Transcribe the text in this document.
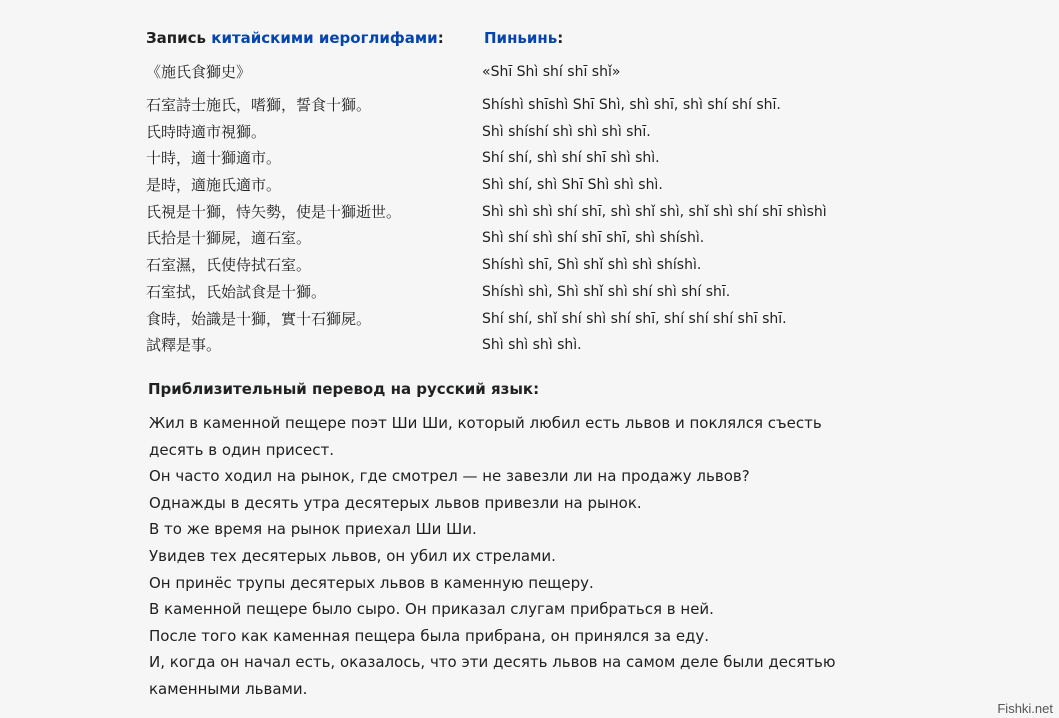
Запись китайскими иероглифами:	Пиньинь:
《施氏食獅史》
石室詩士施氏，嗜獅，誓食十獅。
氏時時適市視獅。
十時，適十獅適市。
是時，適施氏適市。
氏視是十獅，恃矢勢，使是十獅逝世。
氏拾是十獅屍，適石室。
石室濕，氏使侍拭石室。
石室拭，氏始試食是十獅。
食時，始識是十獅，實十石獅屍。
試釋是事。
«Shī Shì shí shī shǐ»
Shíshì shīshì Shī Shì, shì shī, shì shí shí shī.
Shì shíshí shì shì shì shī.
Shí shí, shì shí shī shì shì.
Shì shí, shì Shī Shì shì shì.
Shì shì shì shí shī, shì shǐ shì, shǐ shì shí shī shìshì
Shì shí shì shí shī shī, shì shíshì.
Shíshì shī, Shì shǐ shì shì shíshì.
Shíshì shì, Shì shǐ shì shí shì shí shī.
Shí shí, shǐ shí shì shí shī, shí shí shí shī shī.
Shì shì shì shì.
Приблизительный перевод на русский язык:

Жил в каменной пещере поэт Ши Ши, который любил есть львов и поклялся съесть десять в один присест.

Он часто ходил на рынок, где смотрел — не завезли ли на продажу львов?

Однажды в десять утра десятерых львов привезли на рынок.

В то же время на рынок приехал Ши Ши.

Увидев тех десятерых львов, он убил их стрелами.

Он принёс трупы десятерых львов в каменную пещеру.

В каменной пещере было сыро. Он приказал слугам прибраться в ней.

После того как каменная пещера была прибрана, он принялся за еду.

И, когда он начал есть, оказалось, что эти десять львов на самом деле были десятью каменными львами.

Fishki.net
